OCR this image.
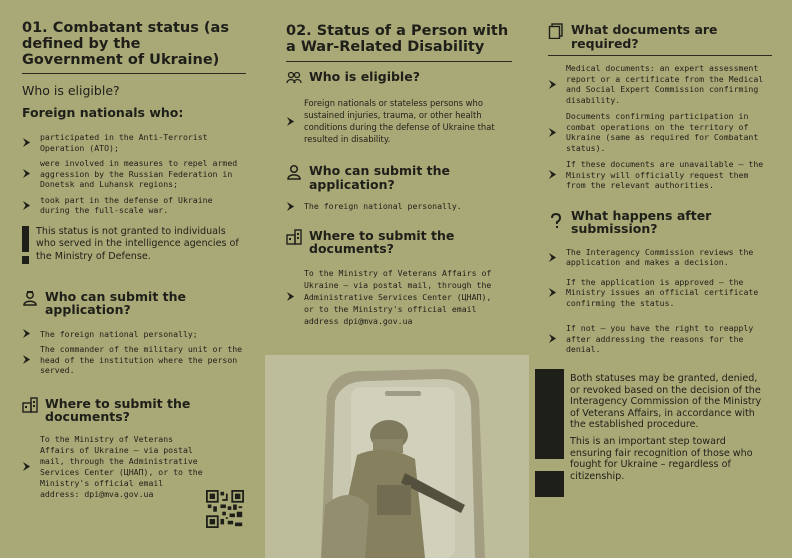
01. Combatant status (as defined by the Government of Ukraine)
Who is eligible?
Foreign nationals who:
participated in the Anti-Terrorist Operation (ATO);
were involved in measures to repel armed aggression by the Russian Federation in Donetsk and Luhansk regions;
took part in the defense of Ukraine during the full-scale war.
This status is not granted to individuals who served in the intelligence agencies of the Ministry of Defense.
Who can submit the application?
The foreign national personally;
The commander of the military unit or the head of the institution where the person served.
Where to submit the documents?
To the Ministry of Veterans Affairs of Ukraine – via postal mail, through the Administrative Services Center (ЦНАП), or to the Ministry's official email address: dpi@mva.gov.ua
02. Status of a Person with a War-Related Disability
Who is eligible?
Foreign nationals or stateless persons who sustained injuries, trauma, or other health conditions during the defense of Ukraine that resulted in disability.
Who can submit the application?
The foreign national personally.
Where to submit the documents?
To the Ministry of Veterans Affairs of Ukraine – via postal mail, through the Administrative Services Center (ЦНАП), or to the Ministry's official email address dpi@mva.gov.ua
What documents are required?
Medical documents: an expert assessment report or a certificate from the Medical and Social Expert Commission confirming disability.
Documents confirming participation in combat operations on the territory of Ukraine (same as required for Combatant status).
If these documents are unavailable – the Ministry will officially request them from the relevant authorities.
What happens after submission?
The Interagency Commission reviews the application and makes a decision.
If the application is approved – the Ministry issues an official certificate confirming the status.
If not – you have the right to reapply after addressing the reasons for the denial.

Both statuses may be granted, denied, or revoked based on the decision of the Interagency Commission of the Ministry of Veterans Affairs, in accordance with the established procedure.

This is an important step toward ensuring fair recognition of those who fought for Ukraine – regardless of citizenship.
